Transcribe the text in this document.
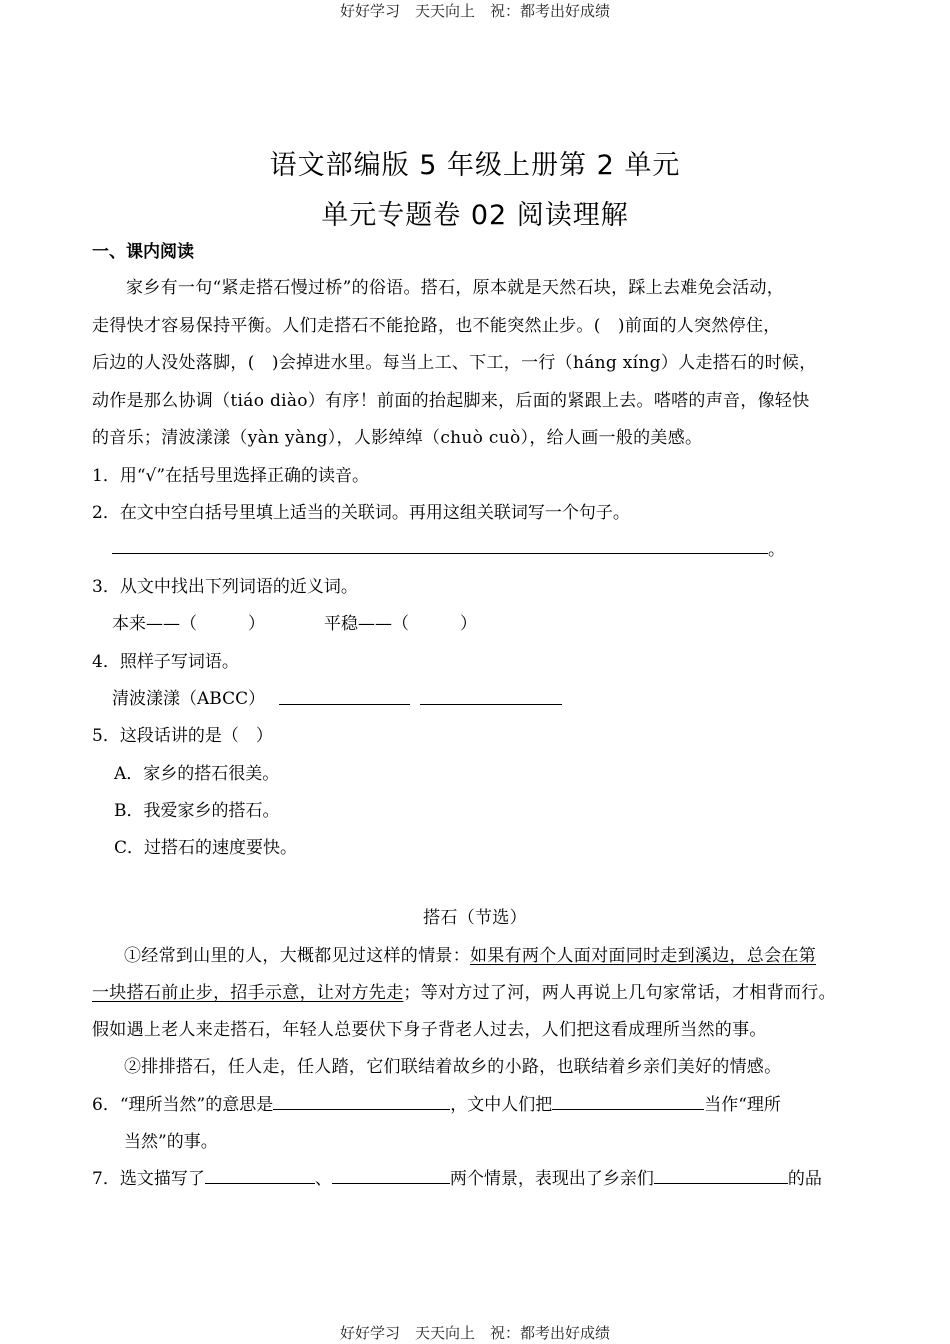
好好学习　天天向上　祝：都考出好成绩
语文部编版 5 年级上册第 2 单元
单元专题卷 02 阅读理解
一、课内阅读
家乡有一句“紧走搭石慢过桥”的俗语。搭石，原本就是天然石块，踩上去难免会活动，
走得快才容易保持平衡。人们走搭石不能抢路，也不能突然止步。(　)前面的人突然停住，
后边的人没处落脚，(　)会掉进水里。每当上工、下工，一行（háng xíng）人走搭石的时候，
动作是那么协调（tiáo diào）有序！前面的抬起脚来，后面的紧跟上去。嗒嗒的声音，像轻快
的音乐；清波漾漾（yàn yàng），人影绰绰（chuò cuò），给人画一般的美感。
1．用“√”在括号里选择正确的读音。
2．在文中空白括号里填上适当的关联词。再用这组关联词写一个句子。
。
3．从文中找出下列词语的近义词。
本来——（　　　）	平稳——（　　　）
4．照样子写词语。
清波漾漾（ABCC）
5．这段话讲的是（　）
A．家乡的搭石很美。
B．我爱家乡的搭石。
C．过搭石的速度要快。
搭石（节选）
①经常到山里的人，大概都见过这样的情景：如果有两个人面对面同时走到溪边，总会在第
一块搭石前止步，招手示意，让对方先走；等对方过了河，两人再说上几句家常话，才相背而行。
假如遇上老人来走搭石，年轻人总要伏下身子背老人过去，人们把这看成理所当然的事。
②排排搭石，任人走，任人踏，它们联结着故乡的小路，也联结着乡亲们美好的情感。
6．“理所当然”的意思是	，文中人们把	当作“理所
当然”的事。
7．选文描写了	、	两个情景，表现出了乡亲们	的品
好好学习　天天向上　祝：都考出好成绩
